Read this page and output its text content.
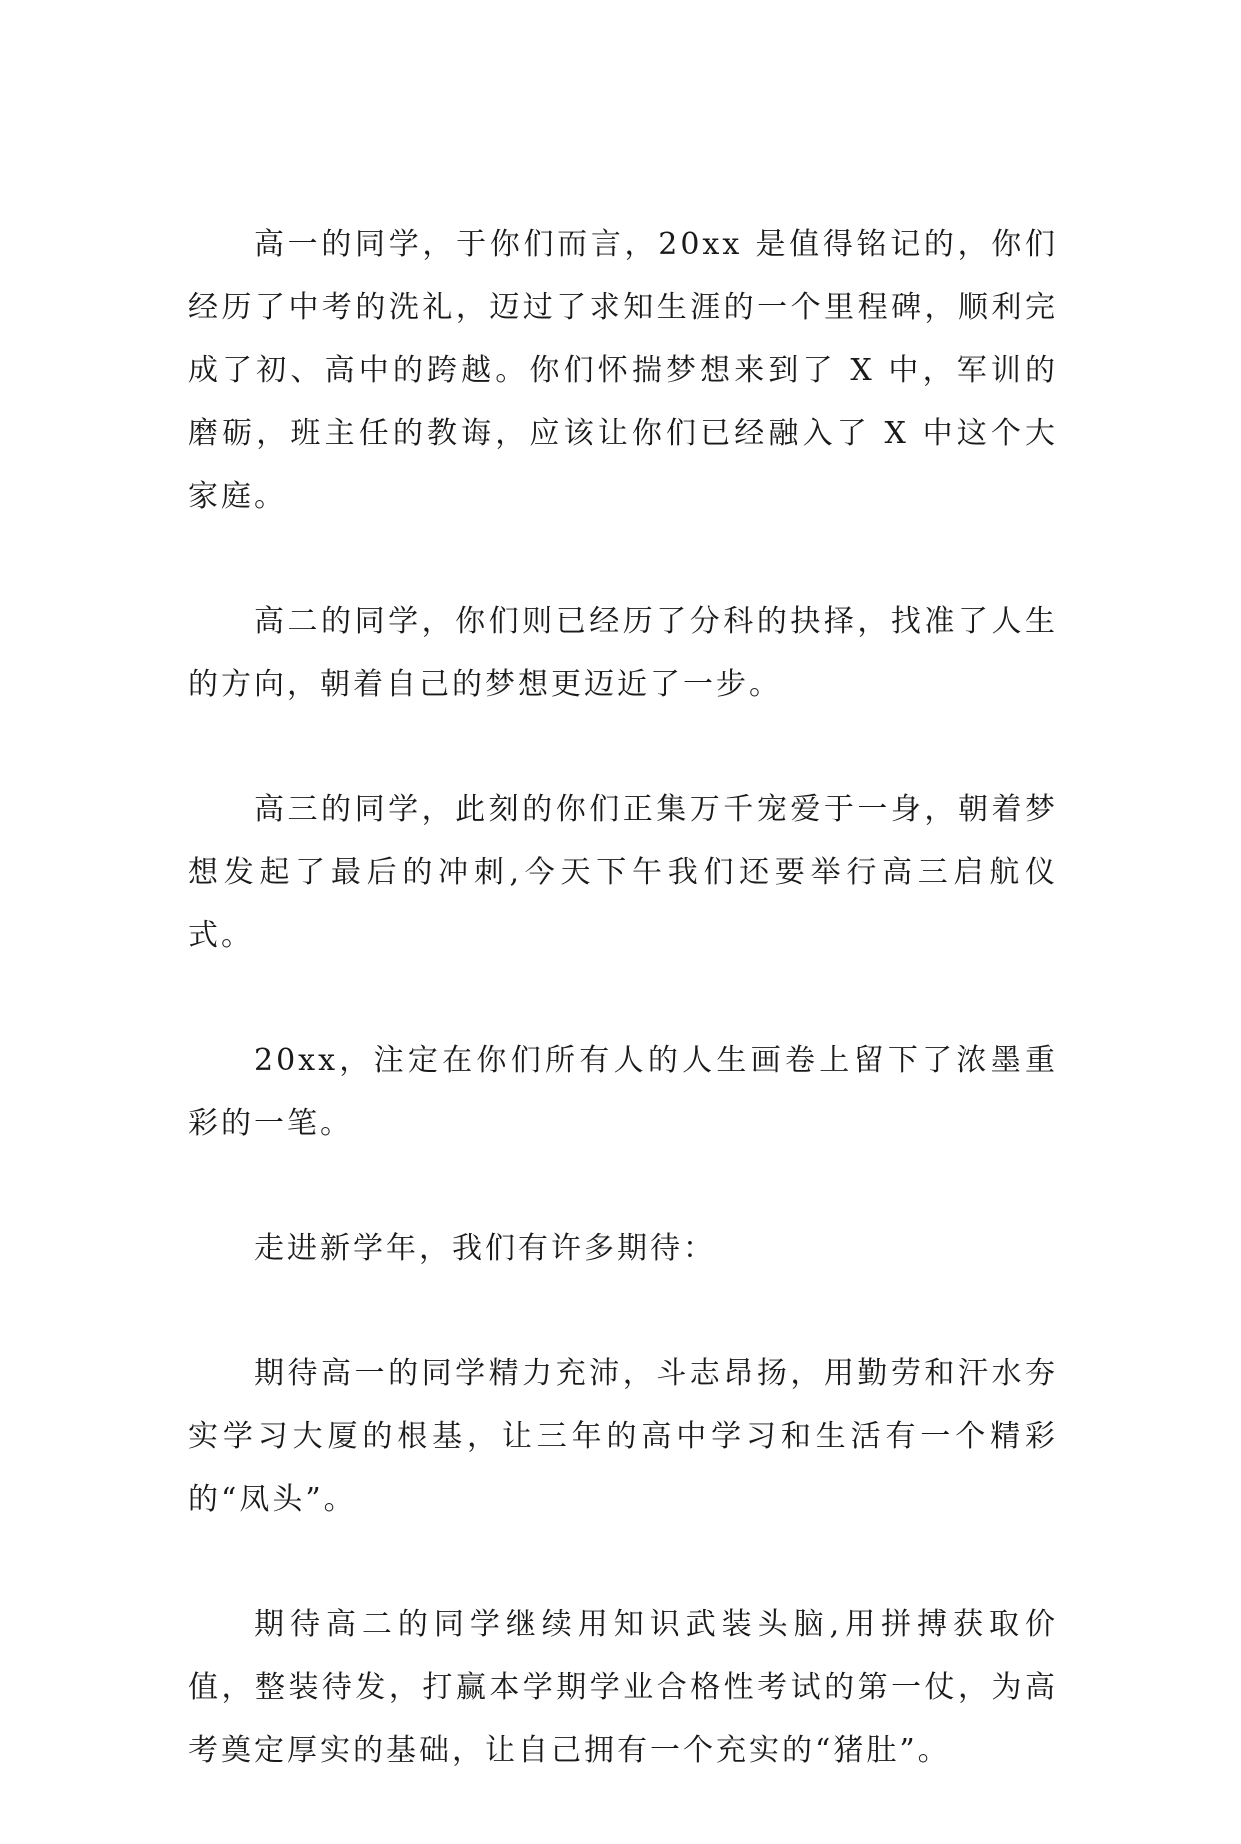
高一的同学，于你们而言，20xx 是值得铭记的，你们经历了中考的洗礼，迈过了求知生涯的一个里程碑，顺利完成了初、高中的跨越。你们怀揣梦想来到了 X 中，军训的磨砺，班主任的教诲，应该让你们已经融入了 X 中这个大家庭。

高二的同学，你们则已经历了分科的抉择，找准了人生的方向，朝着自己的梦想更迈近了一步。

高三的同学，此刻的你们正集万千宠爱于一身，朝着梦想发起了最后的冲刺,今天下午我们还要举行高三启航仪式。

20xx，注定在你们所有人的人生画卷上留下了浓墨重彩的一笔。

走进新学年，我们有许多期待：

期待高一的同学精力充沛，斗志昂扬，用勤劳和汗水夯实学习大厦的根基，让三年的高中学习和生活有一个精彩的“凤头”。

期待高二的同学继续用知识武装头脑,用拼搏获取价值，整装待发，打赢本学期学业合格性考试的第一仗，为高考奠定厚实的基础，让自己拥有一个充实的“猪肚”。
